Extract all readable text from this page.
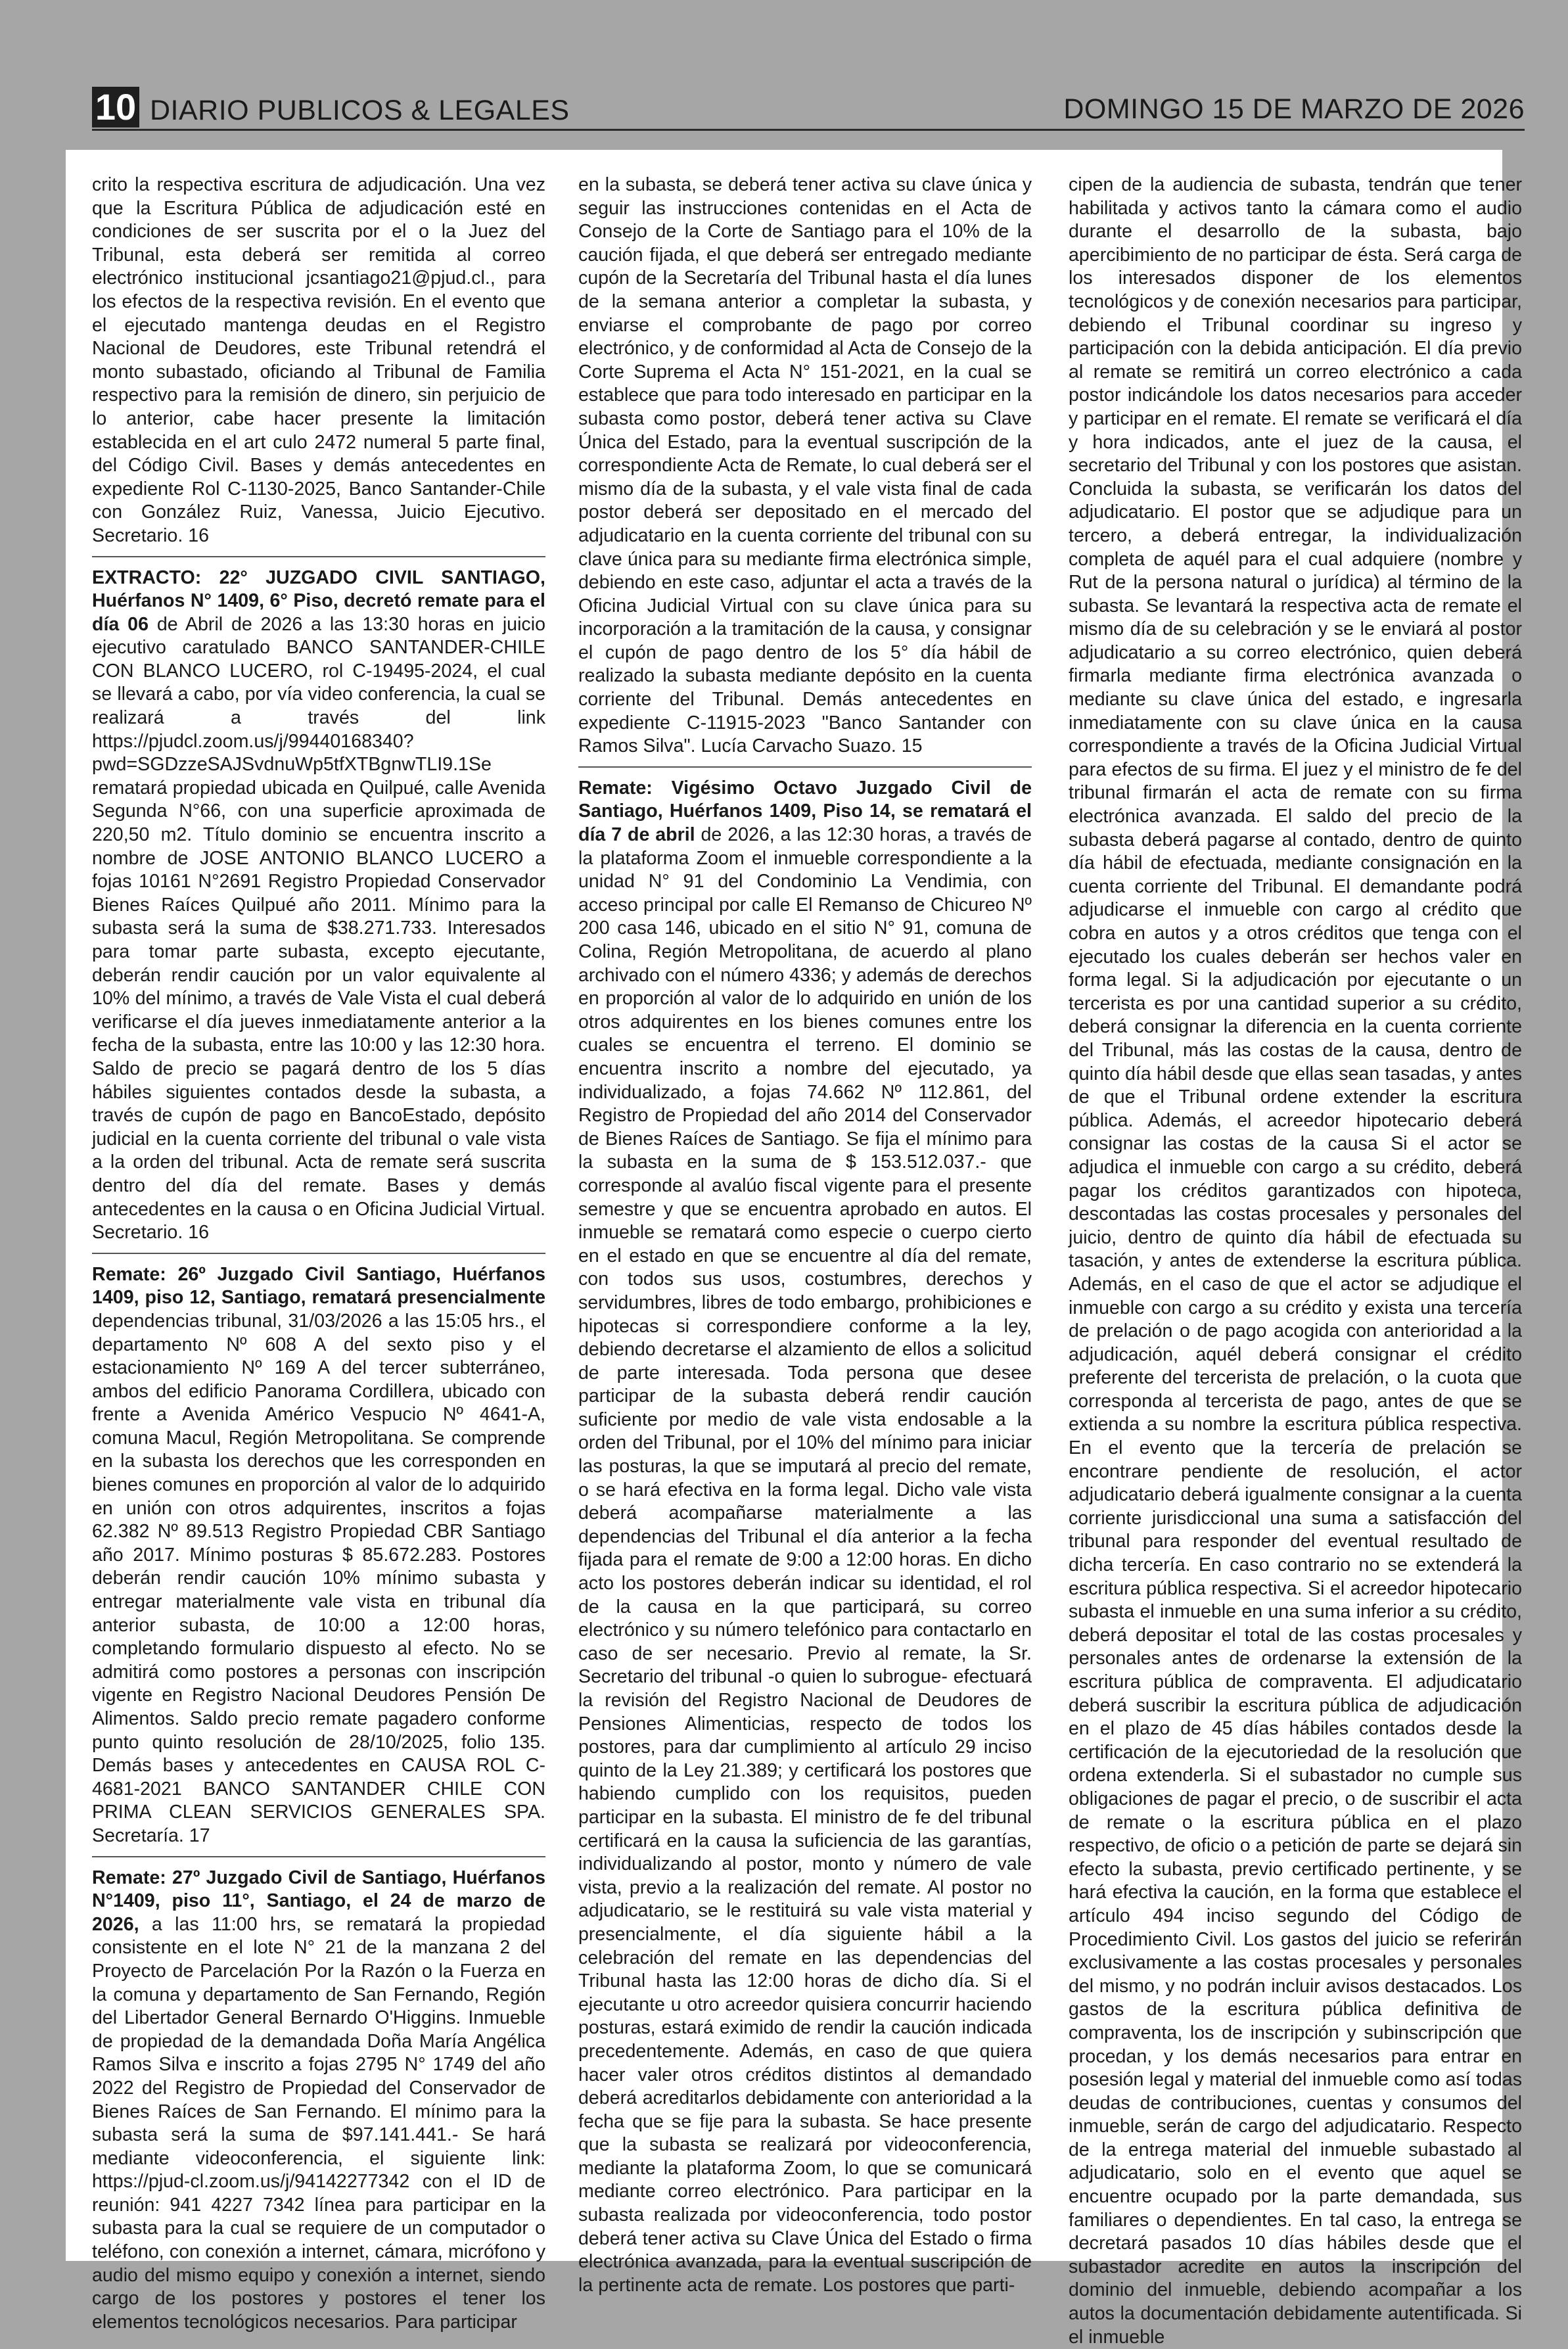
10 DIARIO PUBLICOS & LEGALES	DOMINGO 15 DE MARZO DE 2026

crito la respectiva escritura de adjudicación. Una vez que la Escritura Pública de adjudicación esté en condiciones de ser suscrita por el o la Juez del Tribunal, esta deberá ser remitida al correo electrónico institucional jcsantiago21@pjud.cl., para los efectos de la respectiva revisión. En el evento que el ejecutado mantenga deudas en el Registro Nacional de Deudores, este Tribunal retendrá el monto subastado, oficiando al Tribunal de Familia respectivo para la remisión de dinero, sin perjuicio de lo anterior, cabe hacer presente la limitación establecida en el art culo 2472 numeral 5 parte final, del Código Civil. Bases y demás antecedentes en expediente Rol C-1130-2025, Banco Santander-Chile con González Ruiz, Vanessa, Juicio Ejecutivo. Secretario. 16

EXTRACTO: 22° JUZGADO CIVIL SANTIAGO, Huérfanos N° 1409, 6° Piso, decretó remate para el día 06 de Abril de 2026 a las 13:30 horas en juicio ejecutivo caratulado BANCO SANTANDER-CHILE CON BLANCO LUCERO, rol C-19495-2024, el cual se llevará a cabo, por vía video conferencia, la cual se realizará a través del link https://pjudcl.zoom.us/j/99440168340?pwd=SGDzzeSAJSvdnuWp5tfXTBgnwTLI9.1Se rematará propiedad ubicada en Quilpué, calle Avenida Segunda N°66, con una superficie aproximada de 220,50 m2. Título dominio se encuentra inscrito a nombre de JOSE ANTONIO BLANCO LUCERO a fojas 10161 N°2691 Registro Propiedad Conservador Bienes Raíces Quilpué año 2011. Mínimo para la subasta será la suma de $38.271.733. Interesados para tomar parte subasta, excepto ejecutante, deberán rendir caución por un valor equivalente al 10% del mínimo, a través de Vale Vista el cual deberá verificarse el día jueves inmediatamente anterior a la fecha de la subasta, entre las 10:00 y las 12:30 hora. Saldo de precio se pagará dentro de los 5 días hábiles siguientes contados desde la subasta, a través de cupón de pago en BancoEstado, depósito judicial en la cuenta corriente del tribunal o vale vista a la orden del tribunal. Acta de remate será suscrita dentro del día del remate. Bases y demás antecedentes en la causa o en Oficina Judicial Virtual. Secretario. 16

Remate: 26º Juzgado Civil Santiago, Huérfanos 1409, piso 12, Santiago, rematará presencialmente dependencias tribunal, 31/03/2026 a las 15:05 hrs., el departamento Nº 608 A del sexto piso y el estacionamiento Nº 169 A del tercer subterráneo, ambos del edificio Panorama Cordillera, ubicado con frente a Avenida Américo Vespucio Nº 4641-A, comuna Macul, Región Metropolitana. Se comprende en la subasta los derechos que les corresponden en bienes comunes en proporción al valor de lo adquirido en unión con otros adquirentes, inscritos a fojas 62.382 Nº 89.513 Registro Propiedad CBR Santiago año 2017. Mínimo posturas $ 85.672.283. Postores deberán rendir caución 10% mínimo subasta y entregar materialmente vale vista en tribunal día anterior subasta, de 10:00 a 12:00 horas, completando formulario dispuesto al efecto. No se admitirá como postores a personas con inscripción vigente en Registro Nacional Deudores Pensión De Alimentos. Saldo precio remate pagadero conforme punto quinto resolución de 28/10/2025, folio 135. Demás bases y antecedentes en CAUSA ROL C-4681-2021 BANCO SANTANDER CHILE CON PRIMA CLEAN SERVICIOS GENERALES SPA. Secretaría. 17

Remate: 27º Juzgado Civil de Santiago, Huérfanos N°1409, piso 11°, Santiago, el 24 de marzo de 2026, a las 11:00 hrs, se rematará la propiedad consistente en el lote N° 21 de la manzana 2 del Proyecto de Parcelación Por la Razón o la Fuerza en la comuna y departamento de San Fernando, Región del Libertador General Bernardo O'Higgins. Inmueble de propiedad de la demandada Doña María Angélica Ramos Silva e inscrito a fojas 2795 N° 1749 del año 2022 del Registro de Propiedad del Conservador de Bienes Raíces de San Fernando. El mínimo para la subasta será la suma de $97.141.441.- Se hará mediante videoconferencia, el siguiente link: https://pjud-cl.zoom.us/j/94142277342 con el ID de reunión: 941 4227 7342 línea para participar en la subasta para la cual se requiere de un computador o teléfono, con conexión a internet, cámara, micrófono y audio del mismo equipo y conexión a internet, siendo cargo de los postores y postores el tener los elementos tecnológicos necesarios. Para participar

en la subasta, se deberá tener activa su clave única y seguir las instrucciones contenidas en el Acta de Consejo de la Corte de Santiago para el 10% de la caución fijada, el que deberá ser entregado mediante cupón de la Secretaría del Tribunal hasta el día lunes de la semana anterior a completar la subasta, y enviarse el comprobante de pago por correo electrónico, y de conformidad al Acta de Consejo de la Corte Suprema el Acta N° 151-2021, en la cual se establece que para todo interesado en participar en la subasta como postor, deberá tener activa su Clave Única del Estado, para la eventual suscripción de la correspondiente Acta de Remate, lo cual deberá ser el mismo día de la subasta, y el vale vista final de cada postor deberá ser depositado en el mercado del adjudicatario en la cuenta corriente del tribunal con su clave única para su mediante firma electrónica simple, debiendo en este caso, adjuntar el acta a través de la Oficina Judicial Virtual con su clave única para su incorporación a la tramitación de la causa, y consignar el cupón de pago dentro de los 5° día hábil de realizado la subasta mediante depósito en la cuenta corriente del Tribunal. Demás antecedentes en expediente C-11915-2023 "Banco Santander con Ramos Silva". Lucía Carvacho Suazo. 15

Remate: Vigésimo Octavo Juzgado Civil de Santiago, Huérfanos 1409, Piso 14, se rematará el día 7 de abril de 2026, a las 12:30 horas, a través de la plataforma Zoom el inmueble correspondiente a la unidad N° 91 del Condominio La Vendimia, con acceso principal por calle El Remanso de Chicureo Nº 200 casa 146, ubicado en el sitio N° 91, comuna de Colina, Región Metropolitana, de acuerdo al plano archivado con el número 4336; y además de derechos en proporción al valor de lo adquirido en unión de los otros adquirentes en los bienes comunes entre los cuales se encuentra el terreno. El dominio se encuentra inscrito a nombre del ejecutado, ya individualizado, a fojas 74.662 Nº 112.861, del Registro de Propiedad del año 2014 del Conservador de Bienes Raíces de Santiago. Se fija el mínimo para la subasta en la suma de $ 153.512.037.- que corresponde al avalúo fiscal vigente para el presente semestre y que se encuentra aprobado en autos. El inmueble se rematará como especie o cuerpo cierto en el estado en que se encuentre al día del remate, con todos sus usos, costumbres, derechos y servidumbres, libres de todo embargo, prohibiciones e hipotecas si correspondiere conforme a la ley, debiendo decretarse el alzamiento de ellos a solicitud de parte interesada. Toda persona que desee participar de la subasta deberá rendir caución suficiente por medio de vale vista endosable a la orden del Tribunal, por el 10% del mínimo para iniciar las posturas, la que se imputará al precio del remate, o se hará efectiva en la forma legal. Dicho vale vista deberá acompañarse materialmente a las dependencias del Tribunal el día anterior a la fecha fijada para el remate de 9:00 a 12:00 horas. En dicho acto los postores deberán indicar su identidad, el rol de la causa en la que participará, su correo electrónico y su número telefónico para contactarlo en caso de ser necesario. Previo al remate, la Sr. Secretario del tribunal -o quien lo subrogue- efectuará la revisión del Registro Nacional de Deudores de Pensiones Alimenticias, respecto de todos los postores, para dar cumplimiento al artículo 29 inciso quinto de la Ley 21.389; y certificará los postores que habiendo cumplido con los requisitos, pueden participar en la subasta. El ministro de fe del tribunal certificará en la causa la suficiencia de las garantías, individualizando al postor, monto y número de vale vista, previo a la realización del remate. Al postor no adjudicatario, se le restituirá su vale vista material y presencialmente, el día siguiente hábil a la celebración del remate en las dependencias del Tribunal hasta las 12:00 horas de dicho día. Si el ejecutante u otro acreedor quisiera concurrir haciendo posturas, estará eximido de rendir la caución indicada precedentemente. Además, en caso de que quiera hacer valer otros créditos distintos al demandado deberá acreditarlos debidamente con anterioridad a la fecha que se fije para la subasta. Se hace presente que la subasta se realizará por videoconferencia, mediante la plataforma Zoom, lo que se comunicará mediante correo electrónico. Para participar en la subasta realizada por videoconferencia, todo postor deberá tener activa su Clave Única del Estado o firma electrónica avanzada, para la eventual suscripción de la pertinente acta de remate. Los postores que parti-

cipen de la audiencia de subasta, tendrán que tener habilitada y activos tanto la cámara como el audio durante el desarrollo de la subasta, bajo apercibimiento de no participar de ésta. Será carga de los interesados disponer de los elementos tecnológicos y de conexión necesarios para participar, debiendo el Tribunal coordinar su ingreso y participación con la debida anticipación. El día previo al remate se remitirá un correo electrónico a cada postor indicándole los datos necesarios para acceder y participar en el remate. El remate se verificará el día y hora indicados, ante el juez de la causa, el secretario del Tribunal y con los postores que asistan. Concluida la subasta, se verificarán los datos del adjudicatario. El postor que se adjudique para un tercero, a deberá entregar, la individualización completa de aquél para el cual adquiere (nombre y Rut de la persona natural o jurídica) al término de la subasta. Se levantará la respectiva acta de remate el mismo día de su celebración y se le enviará al postor adjudicatario a su correo electrónico, quien deberá firmarla mediante firma electrónica avanzada o mediante su clave única del estado, e ingresarla inmediatamente con su clave única en la causa correspondiente a través de la Oficina Judicial Virtual para efectos de su firma. El juez y el ministro de fe del tribunal firmarán el acta de remate con su firma electrónica avanzada. El saldo del precio de la subasta deberá pagarse al contado, dentro de quinto día hábil de efectuada, mediante consignación en la cuenta corriente del Tribunal. El demandante podrá adjudicarse el inmueble con cargo al crédito que cobra en autos y a otros créditos que tenga con el ejecutado los cuales deberán ser hechos valer en forma legal. Si la adjudicación por ejecutante o un tercerista es por una cantidad superior a su crédito, deberá consignar la diferencia en la cuenta corriente del Tribunal, más las costas de la causa, dentro de quinto día hábil desde que ellas sean tasadas, y antes de que el Tribunal ordene extender la escritura pública. Además, el acreedor hipotecario deberá consignar las costas de la causa Si el actor se adjudica el inmueble con cargo a su crédito, deberá pagar los créditos garantizados con hipoteca, descontadas las costas procesales y personales del juicio, dentro de quinto día hábil de efectuada su tasación, y antes de extenderse la escritura pública. Además, en el caso de que el actor se adjudique el inmueble con cargo a su crédito y exista una tercería de prelación o de pago acogida con anterioridad a la adjudicación, aquél deberá consignar el crédito preferente del tercerista de prelación, o la cuota que corresponda al tercerista de pago, antes de que se extienda a su nombre la escritura pública respectiva. En el evento que la tercería de prelación se encontrare pendiente de resolución, el actor adjudicatario deberá igualmente consignar a la cuenta corriente jurisdiccional una suma a satisfacción del tribunal para responder del eventual resultado de dicha tercería. En caso contrario no se extenderá la escritura pública respectiva. Si el acreedor hipotecario subasta el inmueble en una suma inferior a su crédito, deberá depositar el total de las costas procesales y personales antes de ordenarse la extensión de la escritura pública de compraventa. El adjudicatario deberá suscribir la escritura pública de adjudicación en el plazo de 45 días hábiles contados desde la certificación de la ejecutoriedad de la resolución que ordena extenderla. Si el subastador no cumple sus obligaciones de pagar el precio, o de suscribir el acta de remate o la escritura pública en el plazo respectivo, de oficio o a petición de parte se dejará sin efecto la subasta, previo certificado pertinente, y se hará efectiva la caución, en la forma que establece el artículo 494 inciso segundo del Código de Procedimiento Civil. Los gastos del juicio se referirán exclusivamente a las costas procesales y personales del mismo, y no podrán incluir avisos destacados. Los gastos de la escritura pública definitiva de compraventa, los de inscripción y subinscripción que procedan, y los demás necesarios para entrar en posesión legal y material del inmueble como así todas deudas de contribuciones, cuentas y consumos del inmueble, serán de cargo del adjudicatario. Respecto de la entrega material del inmueble subastado al adjudicatario, solo en el evento que aquel se encuentre ocupado por la parte demandada, sus familiares o dependientes. En tal caso, la entrega se decretará pasados 10 días hábiles desde que el subastador acredite en autos la inscripción del dominio del inmueble, debiendo acompañar a los autos la documentación debidamente autentificada. Si el inmueble
